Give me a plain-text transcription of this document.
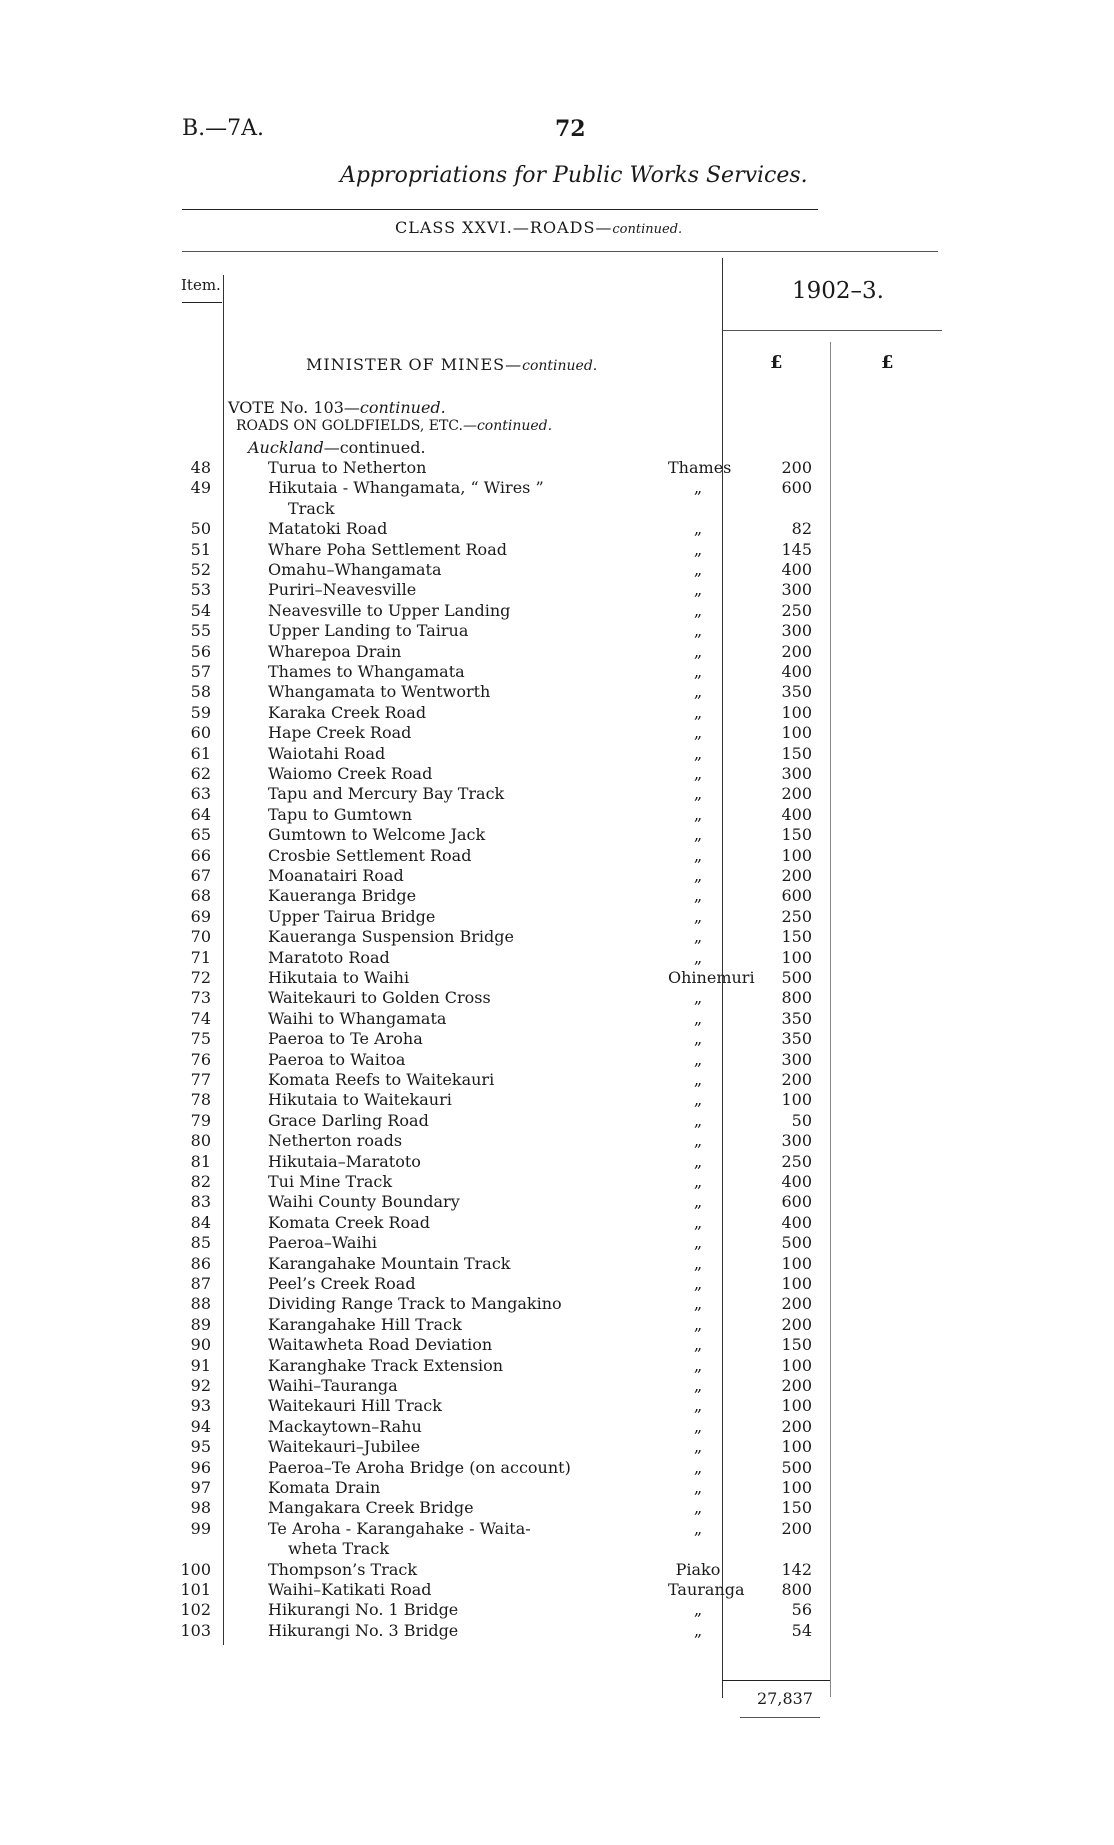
B.—7A.	72
Appropriations for Public Works Services.
CLASS XXVI.—ROADS—continued.
Item.	1902–3.
MINISTER OF MINES—continued.	£	£
VOTE No. 103—continued.
ROADS ON GOLDFIELDS, ETC.—continued.
Auckland—continued.
48	Turua to Netherton	Thames	200
49	Hikutaia - Whangamata, “ Wires ”	„	600
Track
50	Matatoki Road	„	82
51	Whare Poha Settlement Road	„	145
52	Omahu–Whangamata	„	400
53	Puriri–Neavesville	„	300
54	Neavesville to Upper Landing	„	250
55	Upper Landing to Tairua	„	300
56	Wharepoa Drain	„	200
57	Thames to Whangamata	„	400
58	Whangamata to Wentworth	„	350
59	Karaka Creek Road	„	100
60	Hape Creek Road	„	100
61	Waiotahi Road	„	150
62	Waiomo Creek Road	„	300
63	Tapu and Mercury Bay Track	„	200
64	Tapu to Gumtown	„	400
65	Gumtown to Welcome Jack	„	150
66	Crosbie Settlement Road	„	100
67	Moanatairi Road	„	200
68	Kaueranga Bridge	„	600
69	Upper Tairua Bridge	„	250
70	Kaueranga Suspension Bridge	„	150
71	Maratoto Road	„	100
72	Hikutaia to Waihi	Ohinemuri 500
73	Waitekauri to Golden Cross	„	800
74	Waihi to Whangamata	„	350
75	Paeroa to Te Aroha	„	350
76	Paeroa to Waitoa	„	300
77	Komata Reefs to Waitekauri	„	200
78	Hikutaia to Waitekauri	„	100
79	Grace Darling Road	„	50
80	Netherton roads	„	300
81	Hikutaia–Maratoto	„	250
82	Tui Mine Track	„	400
83	Waihi County Boundary	„	600
84	Komata Creek Road	„	400
85	Paeroa–Waihi	„	500
86	Karangahake Mountain Track	„	100
87	Peel’s Creek Road	„	100
88	Dividing Range Track to Mangakino	„	200
89	Karangahake Hill Track	„	200
90	Waitawheta Road Deviation	„	150
91	Karanghake Track Extension	„	100
92	Waihi–Tauranga	„	200
93	Waitekauri Hill Track	„	100
94	Mackaytown–Rahu	„	200
95	Waitekauri–Jubilee	„	100
96	Paeroa–Te Aroha Bridge (on account)	„	500
97	Komata Drain	„	100
98	Mangakara Creek Bridge	„	150
99	Te Aroha - Karangahake - Waita-	„	200
wheta Track
100	Thompson’s Track	Piako	142
101	Waihi–Katikati Road	Tauranga 800
102	Hikurangi No. 1 Bridge	„	56
103	Hikurangi No. 3 Bridge	„	54
27,837
